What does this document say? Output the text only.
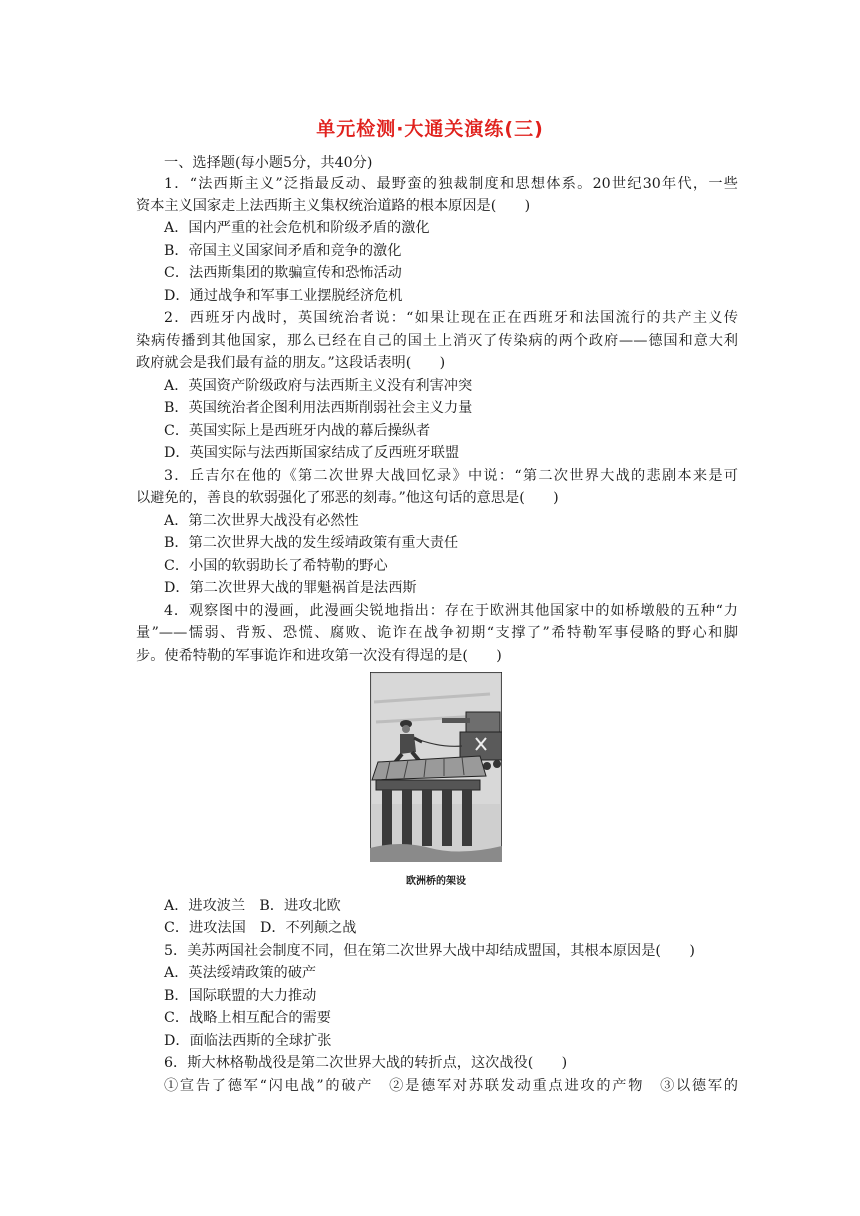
单元检测·大通关演练(三)
一、选择题(每小题5分，共40分)
1．“法西斯主义”泛指最反动、最野蛮的独裁制度和思想体系。20世纪30年代，一些
资本主义国家走上法西斯主义集权统治道路的根本原因是(　　)
A．国内严重的社会危机和阶级矛盾的激化
B．帝国主义国家间矛盾和竞争的激化
C．法西斯集团的欺骗宣传和恐怖活动
D．通过战争和军事工业摆脱经济危机
2．西班牙内战时，英国统治者说：“如果让现在正在西班牙和法国流行的共产主义传
染病传播到其他国家，那么已经在自己的国土上消灭了传染病的两个政府——德国和意大利
政府就会是我们最有益的朋友。”这段话表明(　　)
A．英国资产阶级政府与法西斯主义没有利害冲突
B．英国统治者企图利用法西斯削弱社会主义力量
C．英国实际上是西班牙内战的幕后操纵者
D．英国实际与法西斯国家结成了反西班牙联盟
3．丘吉尔在他的《第二次世界大战回忆录》中说：“第二次世界大战的悲剧本来是可
以避免的，善良的软弱强化了邪恶的刻毒。”他这句话的意思是(　　)
A．第二次世界大战没有必然性
B．第二次世界大战的发生绥靖政策有重大责任
C．小国的软弱助长了希特勒的野心
D．第二次世界大战的罪魁祸首是法西斯
4．观察图中的漫画，此漫画尖锐地指出：存在于欧洲其他国家中的如桥墩般的五种“力
量”——懦弱、背叛、恐慌、腐败、诡诈在战争初期“支撑了”希特勒军事侵略的野心和脚
步。使希特勒的军事诡诈和进攻第一次没有得逞的是(　　)
欧洲桥的架设
A．进攻波兰　B．进攻北欧
C．进攻法国　D．不列颠之战
5．美苏两国社会制度不同，但在第二次世界大战中却结成盟国，其根本原因是(　　)
A．英法绥靖政策的破产
B．国际联盟的大力推动
C．战略上相互配合的需要
D．面临法西斯的全球扩张
6．斯大林格勒战役是第二次世界大战的转折点，这次战役(　　)
①宣告了德军“闪电战”的破产　②是德军对苏联发动重点进攻的产物　③以德军的
